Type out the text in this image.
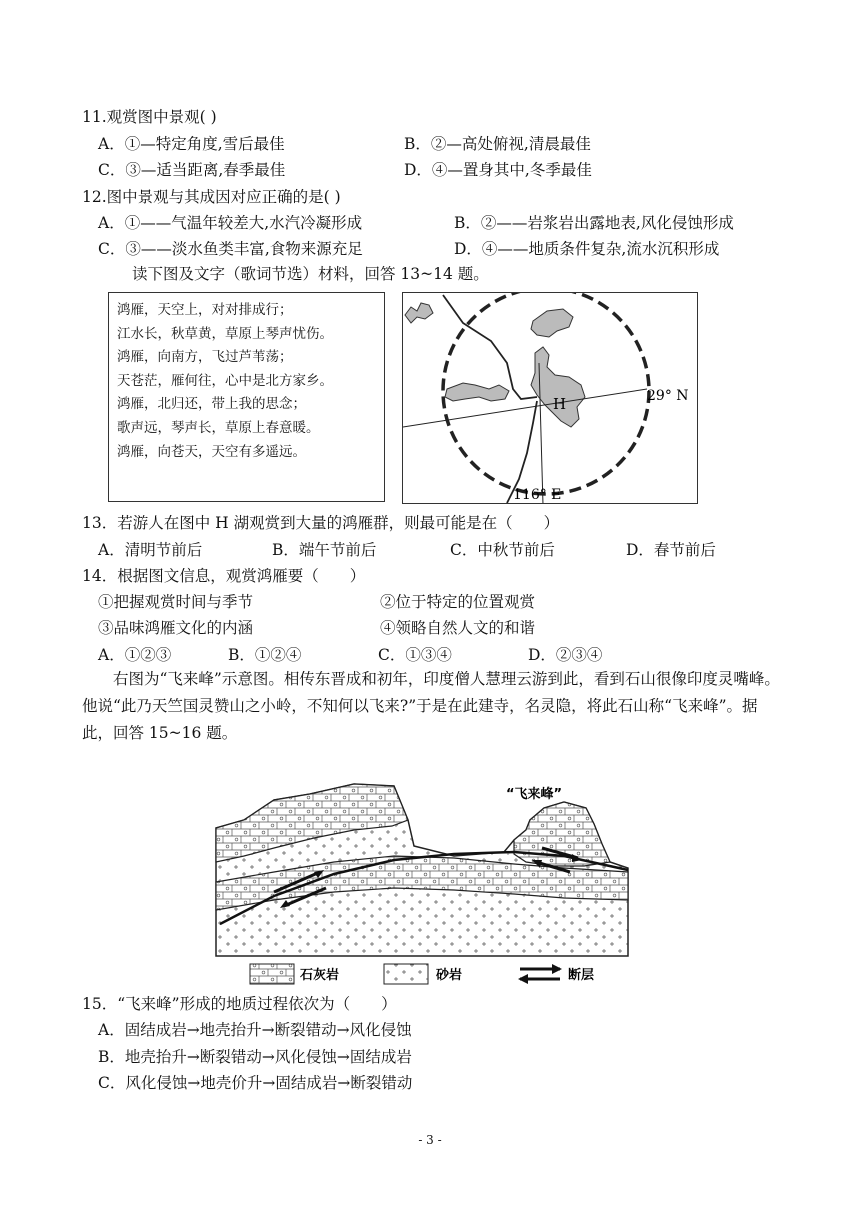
11.观赏图中景观( )
A．①—特定角度,雪后最佳	B．②—高处俯视,清晨最佳
C．③—适当距离,春季最佳	D．④—置身其中,冬季最佳
12.图中景观与其成因对应正确的是( )
A．①——气温年较差大,水汽冷凝形成	B．②——岩浆岩出露地表,风化侵蚀形成
C．③——淡水鱼类丰富,食物来源充足	D．④——地质条件复杂,流水沉积形成
读下图及文字（歌词节选）材料，回答 13~14 题。
鸿雁，天空上，对对排成行；
江水长，秋草黄，草原上琴声忧伤。
鸿雁，向南方，飞过芦苇荡；
天苍茫，雁何往，心中是北方家乡。
鸿雁，北归还，带上我的思念；
歌声远，琴声长，草原上春意暖。
鸿雁，向苍天，天空有多遥远。
H	29° N
116° E
13．若游人在图中 H 湖观赏到大量的鸿雁群，则最可能是在（　　）
A．清明节前后	B．端午节前后	C．中秋节前后	D．春节前后
14．根据图文信息，观赏鸿雁要（　　）
①把握观赏时间与季节	②位于特定的位置观赏
③品味鸿雁文化的内涵	④领略自然人文的和谐
A．①②③	B．①②④	C．①③④	D．②③④
右图为“飞来峰”示意图。相传东晋成和初年，印度僧人慧理云游到此，看到石山很像印度灵嘴峰。他说“此乃天竺国灵赞山之小岭，不知何以飞来?”于是在此建寺，名灵隐，将此石山称“飞来峰”。据此，回答 15~16 题。
“飞来峰”
石灰岩	砂岩	断层
15．“飞来峰”形成的地质过程依次为（　　）
A．固结成岩→地壳抬升→断裂错动→风化侵蚀
B．地壳抬升→断裂错动→风化侵蚀→固结成岩
C．风化侵蚀→地壳价升→固结成岩→断裂错动
- 3 -
